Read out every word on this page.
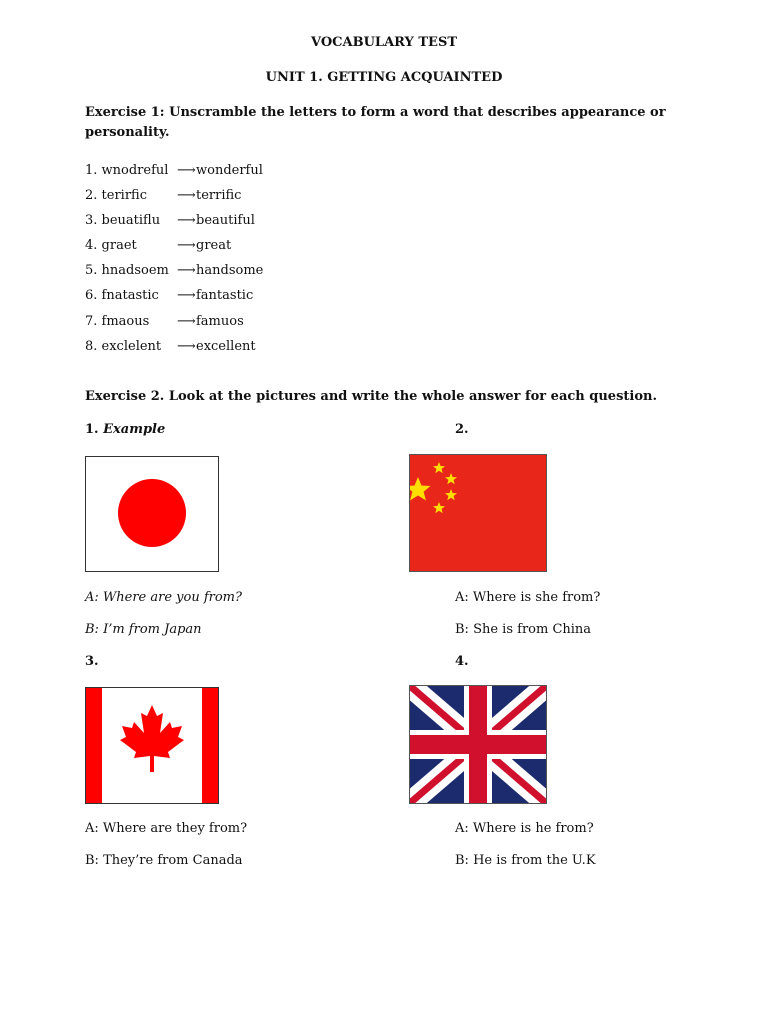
VOCABULARY TEST
UNIT 1. GETTING ACQUAINTED
Exercise 1: Unscramble the letters to form a word that describes appearance or
personality.
1. wnodreful ⟶ wonderful
2. terirfic ⟶ terrific
3. beuatiflu ⟶ beautiful
4. graet	⟶ great
5. hnadsoem ⟶ handsome
6. fnatastic ⟶ fantastic
7. fmaous ⟶ famuos
8. exclelent ⟶ excellent
Exercise 2. Look at the pictures and write the whole answer for each question.
1. Example
A: Where are you from?
B: I’m from Japan
2.
A: Where is she from?
B: She is from China
3.
A: Where are they from?
B: They’re from Canada
4.
A: Where is he from?
B: He is from the U.K
